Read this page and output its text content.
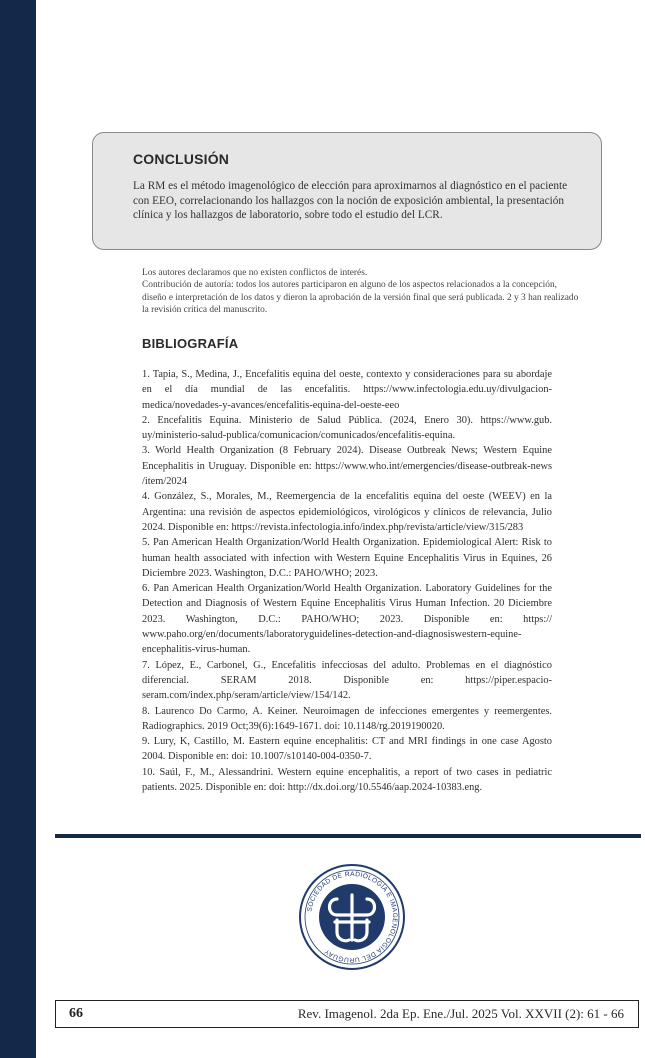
CONCLUSIÓN

La RM es el método imagenológico de elección para aproximarnos al diagnóstico en el paciente con EEO, correlacionando los hallazgos con la noción de exposición ambiental, la presentación clínica y los hallazgos de laboratorio, sobre todo el estudio del LCR.

Los autores declaramos que no existen conflictos de interés.

Contribución de autoría: todos los autores participaron en alguno de los aspectos relacionados a la concepción, diseño e interpretación de los datos y dieron la aprobación de la versión final que será publicada. 2 y 3 han realizado la revisión crítica del manuscrito.

BIBLIOGRAFÍA

1. Tapia, S., Medina, J., Encefalitis equina del oeste, contexto y consideraciones para su abordaje en el día mundial de las encefalitis. https://www.infectologia.edu.uy/divulgacion-medica/novedades-y-avances/encefalitis-equina-del-oeste-eeo

2. Encefalitis Equina. Ministerio de Salud Pública. (2024, Enero 30). https://www.gub. uy/ministerio-salud-publica/comunicacion/comunicados/encefalitis-equina.

3. World Health Organization (8 February 2024). Disease Outbreak News; Western Equine Encephalitis in Uruguay. Disponible en: https://www.who.int/emergencies/disease-outbreak-news /item/2024

4. González, S., Morales, M., Reemergencia de la encefalitis equina del oeste (WEEV) en la Argentina: una revisión de aspectos epidemiológicos, virológicos y clínicos de relevancia, Julio 2024. Disponible en: https://revista.infectologia.info/index.php/revista/article/view/315/283

5. Pan American Health Organization/World Health Organization. Epidemiological Alert: Risk to human health associated with infection with Western Equine Encephalitis Virus in Equines, 26 Diciembre 2023. Washington, D.C.: PAHO/WHO; 2023.

6. Pan American Health Organization/World Health Organization. Laboratory Guidelines for the Detection and Diagnosis of Western Equine Encephalitis Virus Human Infection. 20 Diciembre 2023. Washington, D.C.: PAHO/WHO; 2023. Disponible en: https:// www.paho.org/en/documents/laboratoryguidelines-detection-and-diagnosiswestern-equine-encephalitis-virus-human.

7. López, E., Carbonel, G., Encefalitis infecciosas del adulto. Problemas en el diagnóstico diferencial. SERAM 2018. Disponible en: https://piper.espacio-seram.com/index.php/seram/article/view/154/142.

8. Laurenco Do Carmo, A. Keiner. Neuroimagen de infecciones emergentes y reemergentes. Radiographics. 2019 Oct;39(6):1649-1671. doi: 10.1148/rg.2019190020.

9. Lury, K, Castillo, M. Eastern equine encephalitis: CT and MRI findings in one case Agosto 2004. Disponible en: doi: 10.1007/s10140-004-0350-7.

10. Saúl, F., M., Alessandrini. Western equine encephalitis, a report of two cases in pediatric patients. 2025. Disponible en: doi: http://dx.doi.org/10.5546/aap.2024-10383.eng.

SOCIEDAD DE RADIOLOGÍA E IMAGENOLOGÍA DEL URUGUAY
66	Rev. Imagenol. 2da Ep. Ene./Jul. 2025 Vol. XXVII (2): 61 - 66
